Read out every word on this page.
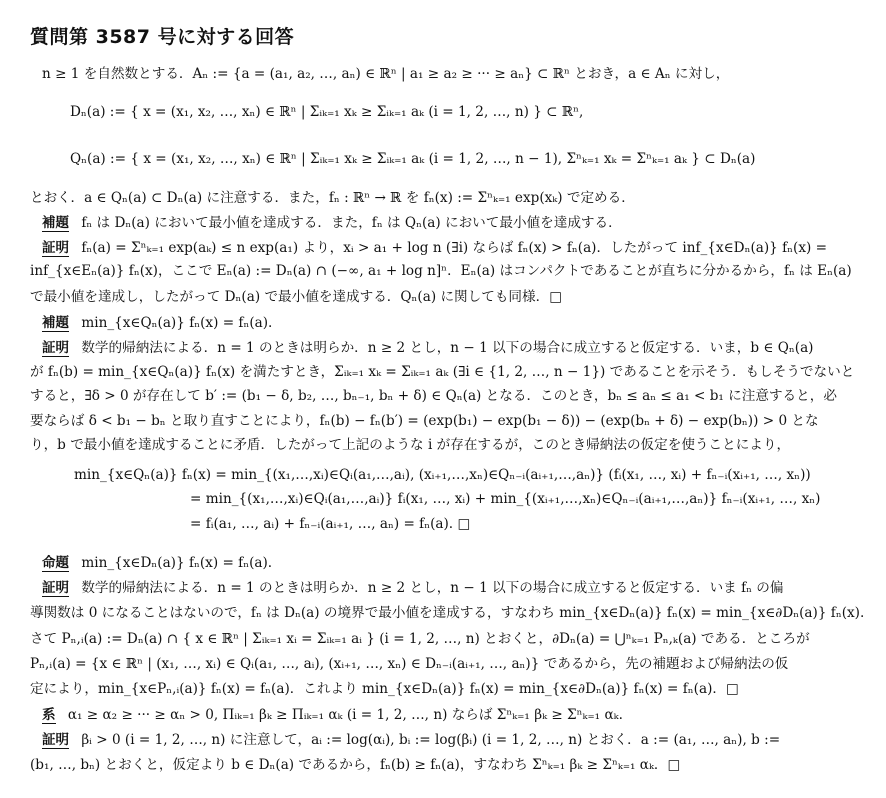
質問第 3587 号に対する回答
n ≥ 1 を自然数とする．Aₙ := {a = (a₁, a₂, …, aₙ) ∈ ℝⁿ | a₁ ≥ a₂ ≥ ··· ≥ aₙ} ⊂ ℝⁿ とおき，a ∈ Aₙ に対し，
Dₙ(a) := { x = (x₁, x₂, …, xₙ) ∈ ℝⁿ | Σᵢₖ₌₁ xₖ ≥ Σᵢₖ₌₁ aₖ (i = 1, 2, …, n) } ⊂ ℝⁿ,
Qₙ(a) := { x = (x₁, x₂, …, xₙ) ∈ ℝⁿ | Σᵢₖ₌₁ xₖ ≥ Σᵢₖ₌₁ aₖ (i = 1, 2, …, n − 1), Σⁿₖ₌₁ xₖ = Σⁿₖ₌₁ aₖ } ⊂ Dₙ(a)
とおく．a ∈ Qₙ(a) ⊂ Dₙ(a) に注意する．また，fₙ : ℝⁿ → ℝ を fₙ(x) := Σⁿₖ₌₁ exp(xₖ) で定める．
補題 fₙ は Dₙ(a) において最小値を達成する．また，fₙ は Qₙ(a) において最小値を達成する．
証明 fₙ(a) = Σⁿₖ₌₁ exp(aₖ) ≤ n exp(a₁) より，xᵢ > a₁ + log n (∃i) ならば fₙ(x) > fₙ(a)．したがって inf_{x∈Dₙ(a)} fₙ(x) =
inf_{x∈Eₙ(a)} fₙ(x)，ここで Eₙ(a) := Dₙ(a) ∩ (−∞, a₁ + log n]ⁿ．Eₙ(a) はコンパクトであることが直ちに分かるから，fₙ は Eₙ(a)
で最小値を達成し，したがって Dₙ(a) で最小値を達成する．Qₙ(a) に関しても同様．□
補題 min_{x∈Qₙ(a)} fₙ(x) = fₙ(a).
証明 数学的帰納法による．n = 1 のときは明らか．n ≥ 2 とし，n − 1 以下の場合に成立すると仮定する．いま，b ∈ Qₙ(a)
が fₙ(b) = min_{x∈Qₙ(a)} fₙ(x) を満たすとき，Σᵢₖ₌₁ xₖ = Σᵢₖ₌₁ aₖ (∃i ∈ {1, 2, …, n − 1}) であることを示そう．もしそうでないと
すると，∃δ > 0 が存在して b′ := (b₁ − δ, b₂, …, bₙ₋₁, bₙ + δ) ∈ Qₙ(a) となる．このとき，bₙ ≤ aₙ ≤ a₁ < b₁ に注意すると，必
要ならば δ < b₁ − bₙ と取り直すことにより，fₙ(b) − fₙ(b′) = (exp(b₁) − exp(b₁ − δ)) − (exp(bₙ + δ) − exp(bₙ)) > 0 とな
り，b で最小値を達成することに矛盾．したがって上記のような i が存在するが，このとき帰納法の仮定を使うことにより，
min_{x∈Qₙ(a)} fₙ(x) = min_{(x₁,…,xᵢ)∈Qᵢ(a₁,…,aᵢ), (xᵢ₊₁,…,xₙ)∈Qₙ₋ᵢ(aᵢ₊₁,…,aₙ)} (fᵢ(x₁, …, xᵢ) + fₙ₋ᵢ(xᵢ₊₁, …, xₙ))
= min_{(x₁,…,xᵢ)∈Qᵢ(a₁,…,aᵢ)} fᵢ(x₁, …, xᵢ) + min_{(xᵢ₊₁,…,xₙ)∈Qₙ₋ᵢ(aᵢ₊₁,…,aₙ)} fₙ₋ᵢ(xᵢ₊₁, …, xₙ)
= fᵢ(a₁, …, aᵢ) + fₙ₋ᵢ(aᵢ₊₁, …, aₙ) = fₙ(a). □
命題 min_{x∈Dₙ(a)} fₙ(x) = fₙ(a).
証明 数学的帰納法による．n = 1 のときは明らか．n ≥ 2 とし，n − 1 以下の場合に成立すると仮定する．いま fₙ の偏
導関数は 0 になることはないので，fₙ は Dₙ(a) の境界で最小値を達成する，すなわち min_{x∈Dₙ(a)} fₙ(x) = min_{x∈∂Dₙ(a)} fₙ(x).
さて Pₙ,ᵢ(a) := Dₙ(a) ∩ { x ∈ ℝⁿ | Σᵢₖ₌₁ xᵢ = Σᵢₖ₌₁ aᵢ } (i = 1, 2, …, n) とおくと，∂Dₙ(a) = ⋃ⁿₖ₌₁ Pₙ,ₖ(a) である．ところが
Pₙ,ᵢ(a) = {x ∈ ℝⁿ | (x₁, …, xᵢ) ∈ Qᵢ(a₁, …, aᵢ), (xᵢ₊₁, …, xₙ) ∈ Dₙ₋ᵢ(aᵢ₊₁, …, aₙ)} であるから，先の補題および帰納法の仮
定により，min_{x∈Pₙ,ᵢ(a)} fₙ(x) = fₙ(a)．これより min_{x∈Dₙ(a)} fₙ(x) = min_{x∈∂Dₙ(a)} fₙ(x) = fₙ(a)．□
系 α₁ ≥ α₂ ≥ ··· ≥ αₙ > 0, Πᵢₖ₌₁ βₖ ≥ Πᵢₖ₌₁ αₖ (i = 1, 2, …, n) ならば Σⁿₖ₌₁ βₖ ≥ Σⁿₖ₌₁ αₖ.
証明 βᵢ > 0 (i = 1, 2, …, n) に注意して，aᵢ := log(αᵢ), bᵢ := log(βᵢ) (i = 1, 2, …, n) とおく．a := (a₁, …, aₙ), b :=
(b₁, …, bₙ) とおくと，仮定より b ∈ Dₙ(a) であるから，fₙ(b) ≥ fₙ(a)，すなわち Σⁿₖ₌₁ βₖ ≥ Σⁿₖ₌₁ αₖ．□
